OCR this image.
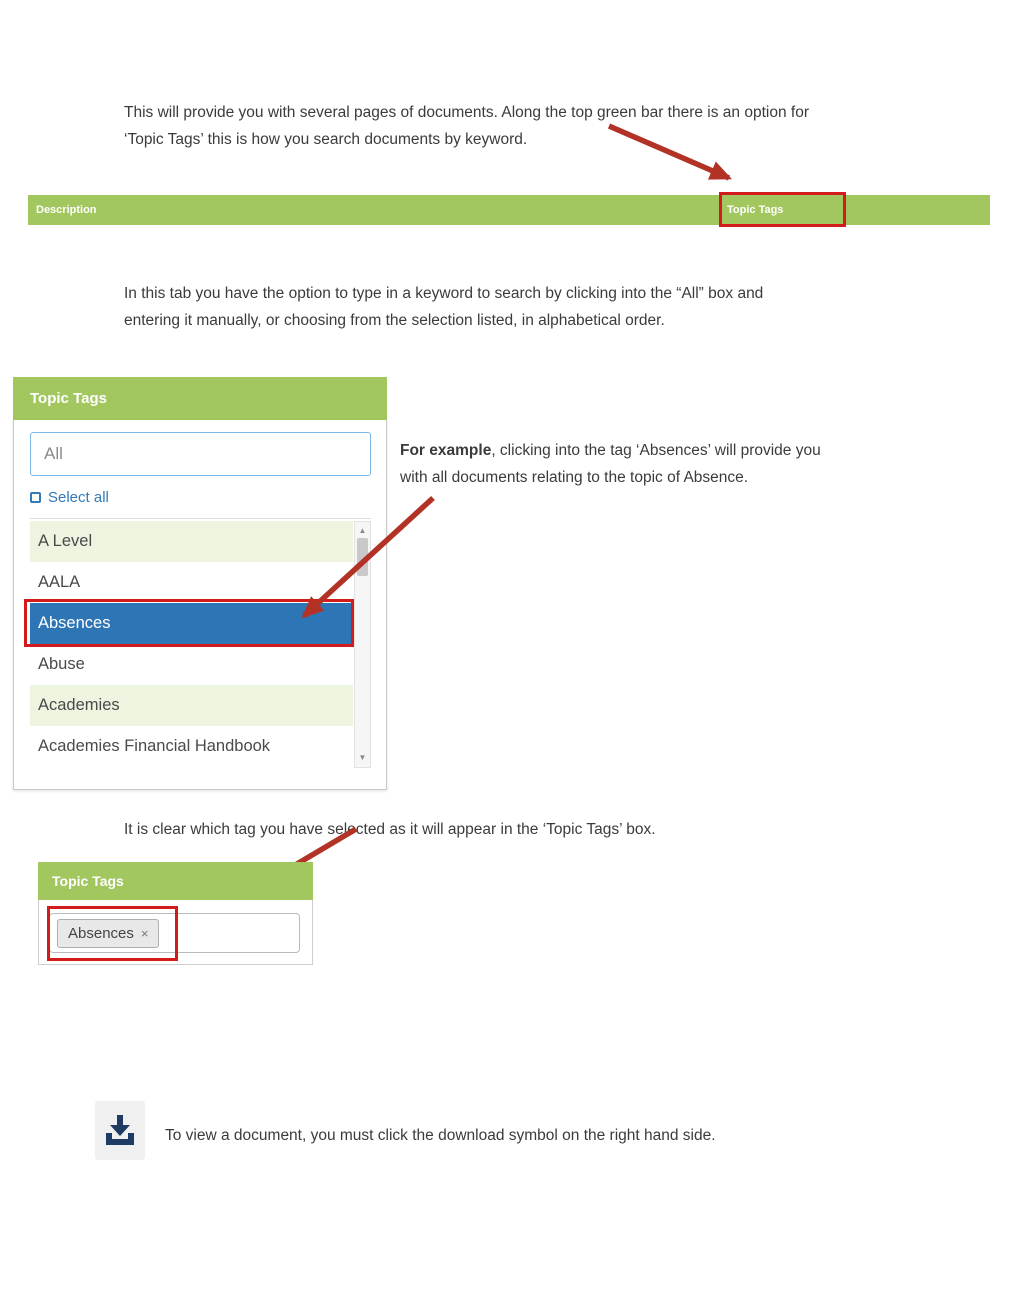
This will provide you with several pages of documents. Along the top green bar there is an option for
‘Topic Tags’ this is how you search documents by keyword.
Description	Topic Tags
In this tab you have the option to type in a keyword to search by clicking into the “All” box and
entering it manually, or choosing from the selection listed, in alphabetical order.
Topic Tags
All
Select all
A Level
AALA
Absences
Abuse
Academies
Academies Financial Handbook
▲
▼
For example, clicking into the tag ‘Absences’ will provide you
with all documents relating to the topic of Absence.
It is clear which tag you have selected as it will appear in the ‘Topic Tags’ box.
Topic Tags
Absences ×
To view a document, you must click the download symbol on the right hand side.
